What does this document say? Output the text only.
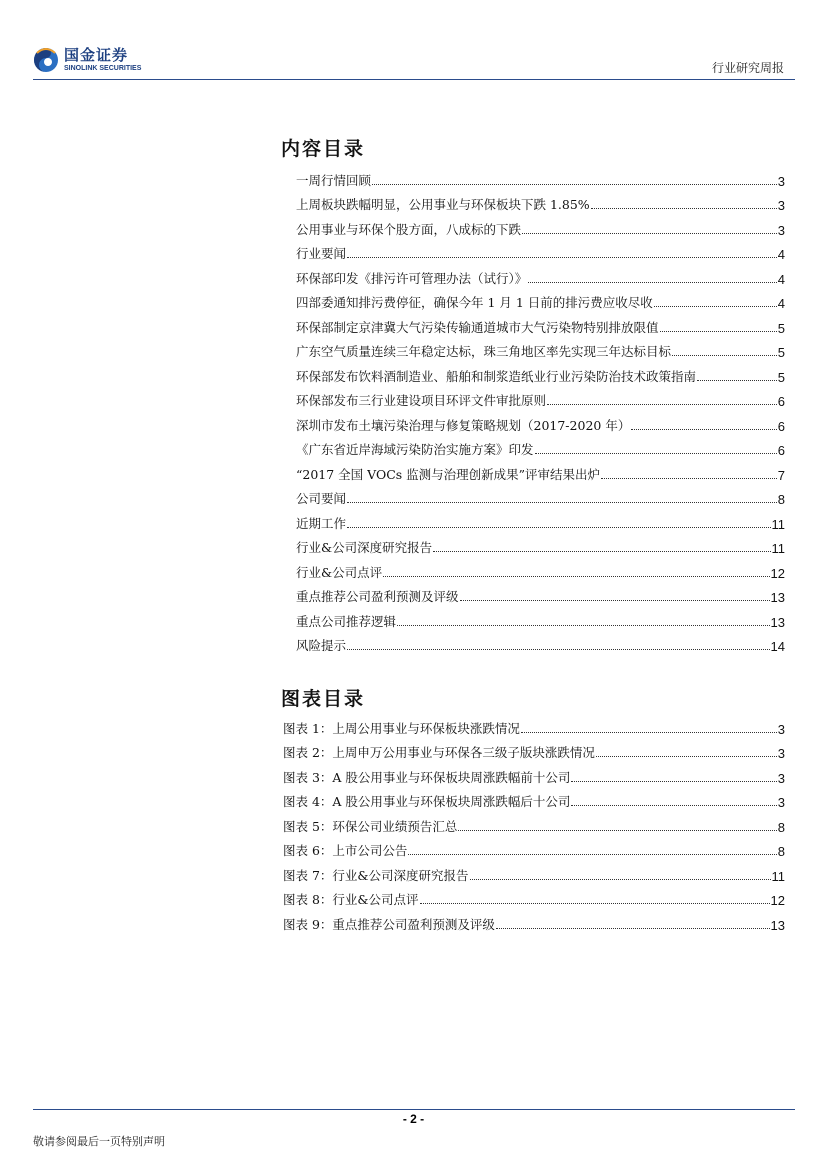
国金证券
SINOLINK SECURITIES	行业研究周报
内容目录
一周行情回顾	3
上周板块跌幅明显，公用事业与环保板块下跌 1.85%	3
公用事业与环保个股方面，八成标的下跌	3
行业要闻	4
环保部印发《排污许可管理办法（试行）》	4
四部委通知排污费停征，确保今年 1 月 1 日前的排污费应收尽收	4
环保部制定京津冀大气污染传输通道城市大气污染物特别排放限值	5
广东空气质量连续三年稳定达标，珠三角地区率先实现三年达标目标	5
环保部发布饮料酒制造业、船舶和制浆造纸业行业污染防治技术政策指南	5
环保部发布三行业建设项目环评文件审批原则	6
深圳市发布土壤污染治理与修复策略规划（2017-2020 年）	6
《广东省近岸海域污染防治实施方案》印发	6
“2017 全国 VOCs 监测与治理创新成果”评审结果出炉	7
公司要闻	8
近期工作	11
行业&公司深度研究报告	11
行业&公司点评	12
重点推荐公司盈利预测及评级	13
重点公司推荐逻辑	13
风险提示	14
图表目录
图表 1：上周公用事业与环保板块涨跌情况	3
图表 2：上周申万公用事业与环保各三级子版块涨跌情况	3
图表 3：A 股公用事业与环保板块周涨跌幅前十公司	3
图表 4：A 股公用事业与环保板块周涨跌幅后十公司	3
图表 5：环保公司业绩预告汇总	8
图表 6：上市公司公告	8
图表 7：行业&公司深度研究报告	11
图表 8：行业&公司点评	12
图表 9：重点推荐公司盈利预测及评级	13
- 2 -
敬请参阅最后一页特别声明
